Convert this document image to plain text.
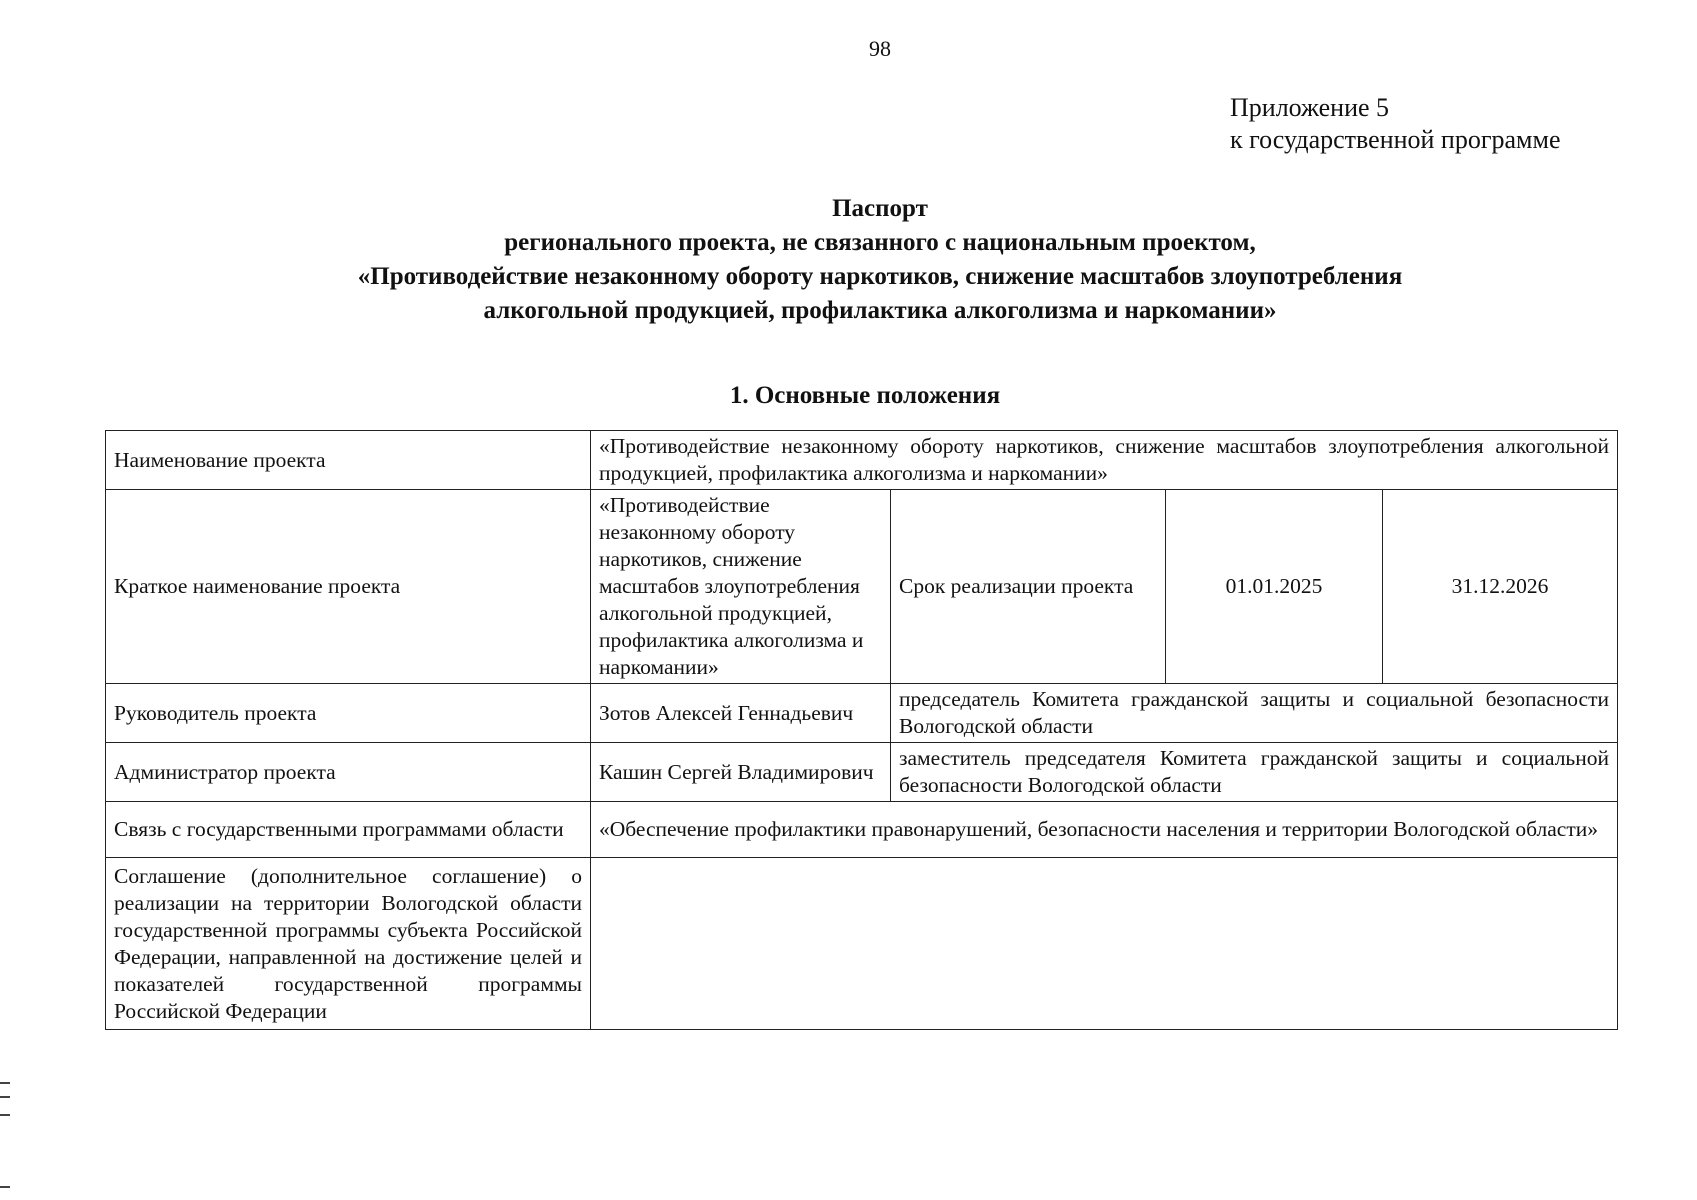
98
Приложение 5
к государственной программе
Паспорт
регионального проекта, не связанного с национальным проектом,
«Противодействие незаконному обороту наркотиков, снижение масштабов злоупотребления
алкогольной продукцией, профилактика алкоголизма и наркомании»
1. Основные положения
Наименование проекта	«Противодействие незаконному обороту наркотиков, снижение масштабов злоупотребления алкогольной продукцией, профилактика алкоголизма и наркомании»			
Краткое наименование проекта	«Противодействие незаконному обороту наркотиков, снижение масштабов злоупотребления алкогольной продукцией, профилактика алкоголизма и наркомании»	Срок реализации проекта	01.01.2025	31.12.2026
Руководитель проекта	Зотов Алексей Геннадьевич	председатель Комитета гражданской защиты и социальной безопасности Вологодской области		
Администратор проекта	Кашин Сергей Владимирович	заместитель председателя Комитета гражданской защиты и социальной безопасности Вологодской области		
Связь с государственными программами области	«Обеспечение профилактики правонарушений, безопасности населения и территории Вологодской области»			
Соглашение (дополнительное соглашение) о реализации на территории Вологодской области государственной программы субъекта Российской Федерации, направленной на достижение целей и показателей государственной программы Российской Федерации				
